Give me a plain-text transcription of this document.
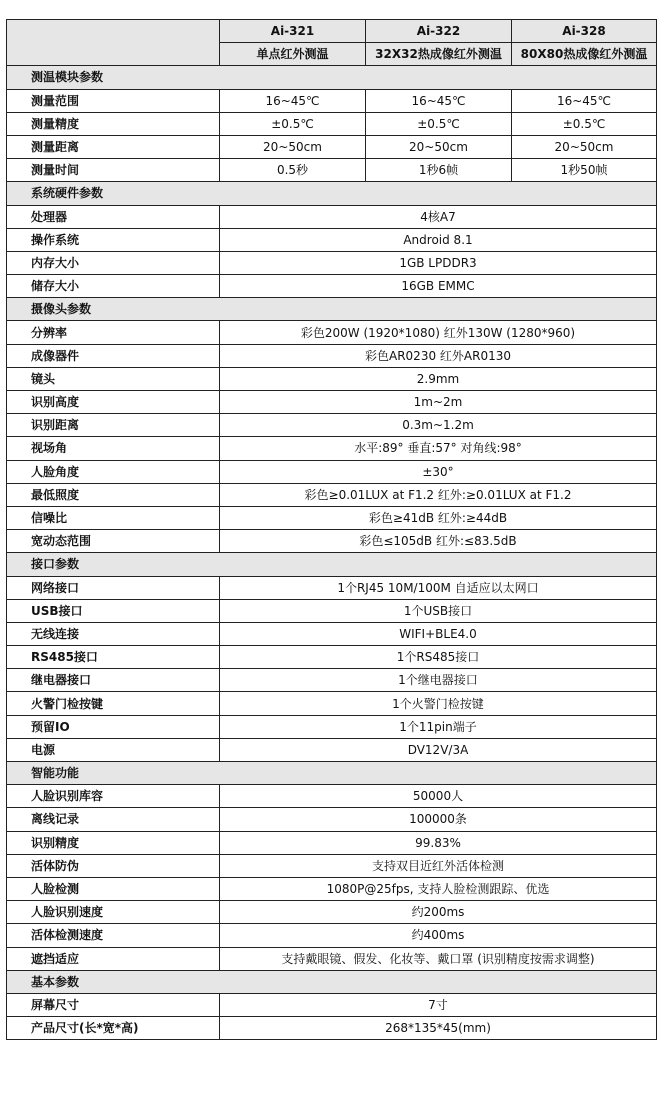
	Ai-321	Ai-322	Ai-328
	单点红外测温	32X32热成像红外测温	80X80热成像红外测温
测温模块参数			
测量范围	16~45℃	16~45℃	16~45℃
测量精度	±0.5℃	±0.5℃	±0.5℃
测量距离	20~50cm	20~50cm	20~50cm
测量时间	0.5秒	1秒6帧	1秒50帧
系统硬件参数			
处理器	4核A7		
操作系统	Android 8.1		
内存大小	1GB LPDDR3		
储存大小	16GB EMMC		
摄像头参数			
分辨率	彩色200W (1920*1080) 红外130W (1280*960)		
成像器件	彩色AR0230 红外AR0130		
镜头	2.9mm		
识别高度	1m~2m		
识别距离	0.3m~1.2m		
视场角	水平:89° 垂直:57° 对角线:98°		
人脸角度	±30°		
最低照度	彩色≥0.01LUX at F1.2 红外:≥0.01LUX at F1.2		
信噪比	彩色≥41dB 红外:≥44dB		
宽动态范围	彩色≤105dB 红外:≤83.5dB		
接口参数			
网络接口	1个RJ45 10M/100M 自适应以太网口		
USB接口	1个USB接口		
无线连接	WIFI+BLE4.0		
RS485接口	1个RS485接口		
继电器接口	1个继电器接口		
火警门检按键	1个火警门检按键		
预留IO	1个11pin端子		
电源	DV12V/3A		
智能功能			
人脸识别库容	50000人		
离线记录	100000条		
识别精度	99.83%		
活体防伪	支持双目近红外活体检测		
人脸检测	1080P@25fps, 支持人脸检测跟踪、优选		
人脸识别速度	约200ms		
活体检测速度	约400ms		
遮挡适应	支持戴眼镜、假发、化妆等、戴口罩 (识别精度按需求调整)		
基本参数			
屏幕尺寸	7寸		
产品尺寸(长*宽*高)	268*135*45(mm)		
